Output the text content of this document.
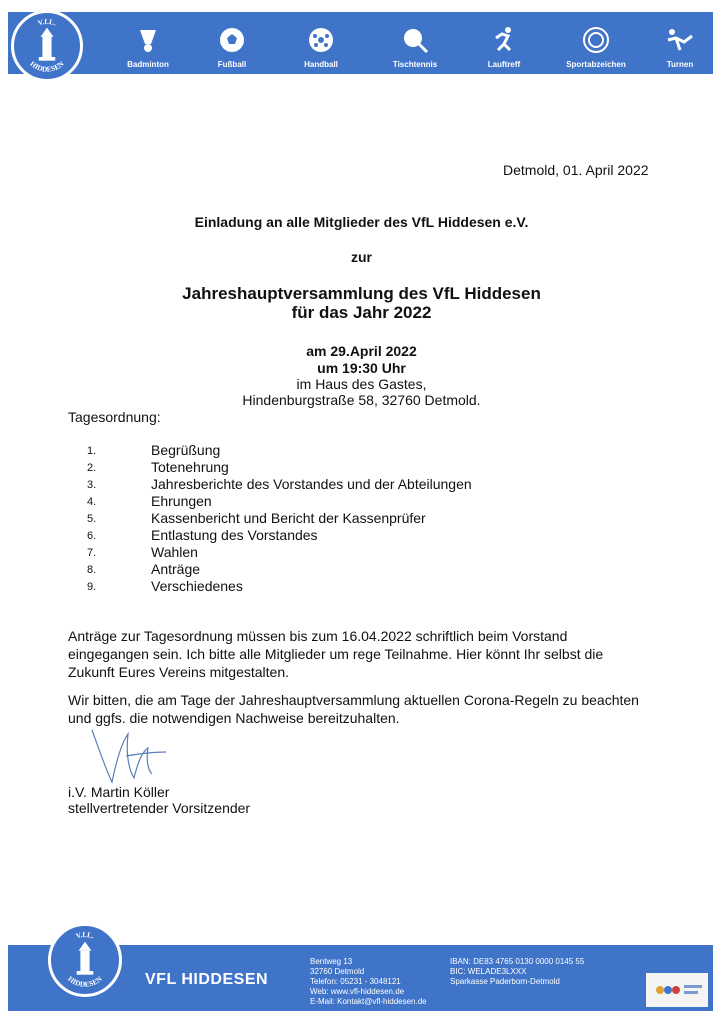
V.f.L.
HIDDESEN	Badminton	Fußball	Handball	Tischtennis	Lauftreff	Sportabzeichen	Turnen
Detmold, 01. April 2022
Einladung an alle Mitglieder des VfL Hiddesen e.V.
zur
Jahreshauptversammlung des VfL Hiddesen
für das Jahr 2022
am 29.April 2022
um 19:30 Uhr
im Haus des Gastes,
Hindenburgstraße 58, 32760 Detmold.
Tagesordnung:
1.	Begrüßung
2.	Totenehrung
3.	Jahresberichte des Vorstandes und der Abteilungen
4.	Ehrungen
5.	Kassenbericht und Bericht der Kassenprüfer
6.	Entlastung des Vorstandes
7.	Wahlen
8.	Anträge
9.	Verschiedenes
Anträge zur Tagesordnung müssen bis zum 16.04.2022 schriftlich beim Vorstand
eingegangen sein. Ich bitte alle Mitglieder um rege Teilnahme. Hier könnt Ihr selbst die
Zukunft Eures Vereins mitgestalten.
Wir bitten, die am Tage der Jahreshauptversammlung aktuellen Corona-Regeln zu beachten
und ggfs. die notwendigen Nachweise bereitzuhalten.
i.V. Martin Köller
stellvertretender Vorsitzender
V.f.L.
HIDDESEN	VFL HIDDESEN
Bentweg 13
32760 Detmold
Telefon: 05231 - 3048121
Web: www.vfl-hiddesen.de
E-Mail: Kontakt@vfl-hiddesen.de
IBAN: DE83 4765 0130 0000 0145 55
BIC: WELADE3LXXX
Sparkasse Paderborn-Detmold
